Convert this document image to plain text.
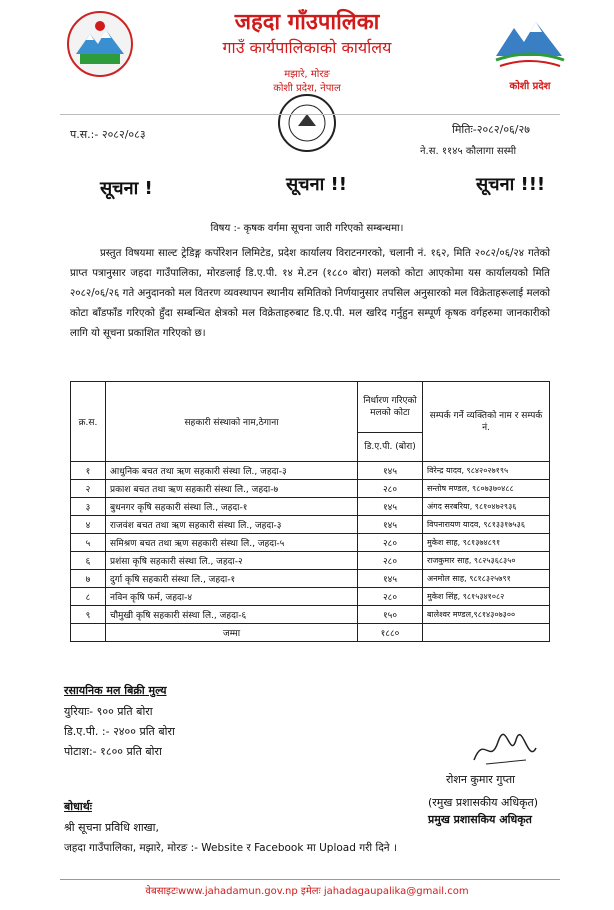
कोशी प्रदेश
जहदा गाँउपालिका
गाउँ कार्यपालिकाको कार्यालय
मझारे, मोरङ
कोशी प्रदेश, नेपाल
प.स.:- २०८२/०८३	मितिः-२०८२/०६/२७
ने.स. ११४५ कौलागा सस्मी
सूचना !	सूचना !!	सूचना !!!
विषय :- कृषक वर्गमा सूचना जारी गरिएको सम्बन्धमा।
प्रस्तुत विषयमा साल्ट ट्रेडिङ्ग कर्पोरेशन लिमिटेड, प्रदेश कार्यालय विराटनगरको, चलानी नं. १६२, मिति २०८२/०६/२४ गतेको प्राप्त पत्रानुसार जहदा गाउँपालिका, मोरङलाई डि.ए.पी. १४ मे.टन (१८८० बोरा) मलको कोटा आएकोमा यस कार्यालयको मिति २०८२/०६/२६ गते अनुदानको मल वितरण व्यवस्थापन स्थानीय समितिको निर्णयानुसार तपसिल अनुसारको मल विक्रेताहरूलाई मलको कोटा बाँडफाँड गरिएको हुँदा सम्बन्धित क्षेत्रको मल विक्रेताहरुबाट डि.ए.पी. मल खरिद गर्नुहुन सम्पूर्ण कृषक वर्गहरुमा जानकारीको लागि यो सूचना प्रकाशित गरिएको छ।
क्र.स.	सहकारी संस्थाको नाम,ठेगाना	निर्धारण गरिएको मलको कोटा	सम्पर्क गर्ने व्यक्तिको नाम र सम्पर्क नं.
		डि.ए.पी. (बोरा)	
१	आधुनिक बचत तथा ऋण सहकारी संस्था लि., जहदा-३	१४५	विरेन्द्र यादव, ९८४२०२७१९५
२	प्रकाश बचत तथा ऋण सहकारी संस्था लि., जहदा-७	२८०	सन्तोष मण्डल, ९८०७३७०४८८
३	बुधनगर कृषि सहकारी संस्था लि., जहदा-१	१४५	अंगद सरबरिया, ९८१०४७२९३६
४	राजवंश बचत तथा ऋण सहकारी संस्था लि., जहदा-३	१४५	विपनारायण यादव, ९८१३३१७५३६
५	समिश्रण बचत तथा ऋण सहकारी संस्था लि., जहदा-५	२८०	मुकेश साह, ९८१३७४८९१
६	प्रशंसा कृषि सहकारी संस्था लि., जहदा-२	२८०	राजकुमार साह, ९८२५३६८३५०
७	दुर्गा कृषि सहकारी संस्था लि., जहदा-१	१४५	अनमोल साह, ९८१८३२५७९१
८	नविन कृषि फर्म, जहदा-४	२८०	मुकेश सिंह, ९८१५३४१०८२
९	चौमुखी कृषि सहकारी संस्था लि., जहदा-६	१५०	बालेश्वर मण्डल,९८१४३०७३००
	जम्मा	१८८०	
रसायनिक मल बिक्री मुल्य
युरियाः- ९०० प्रति बोरा
डि.ए.पी. :- २४०० प्रति बोरा
पोटाश:- १८०० प्रति बोरा
रोशन कुमार गुप्ता
(रमुख प्रशासकीय अधिकृत)
प्रमुख प्रशासकिय अधिकृत
बोधार्थः
श्री सूचना प्रविधि शाखा,
जहदा गाउँपालिका, मझारे, मोरङ :- Website र Facebook मा Upload गरी दिने ।
वेबसाइटःwww.jahadamun.gov.np इमेलः jahadagaupalika@gmail.com
